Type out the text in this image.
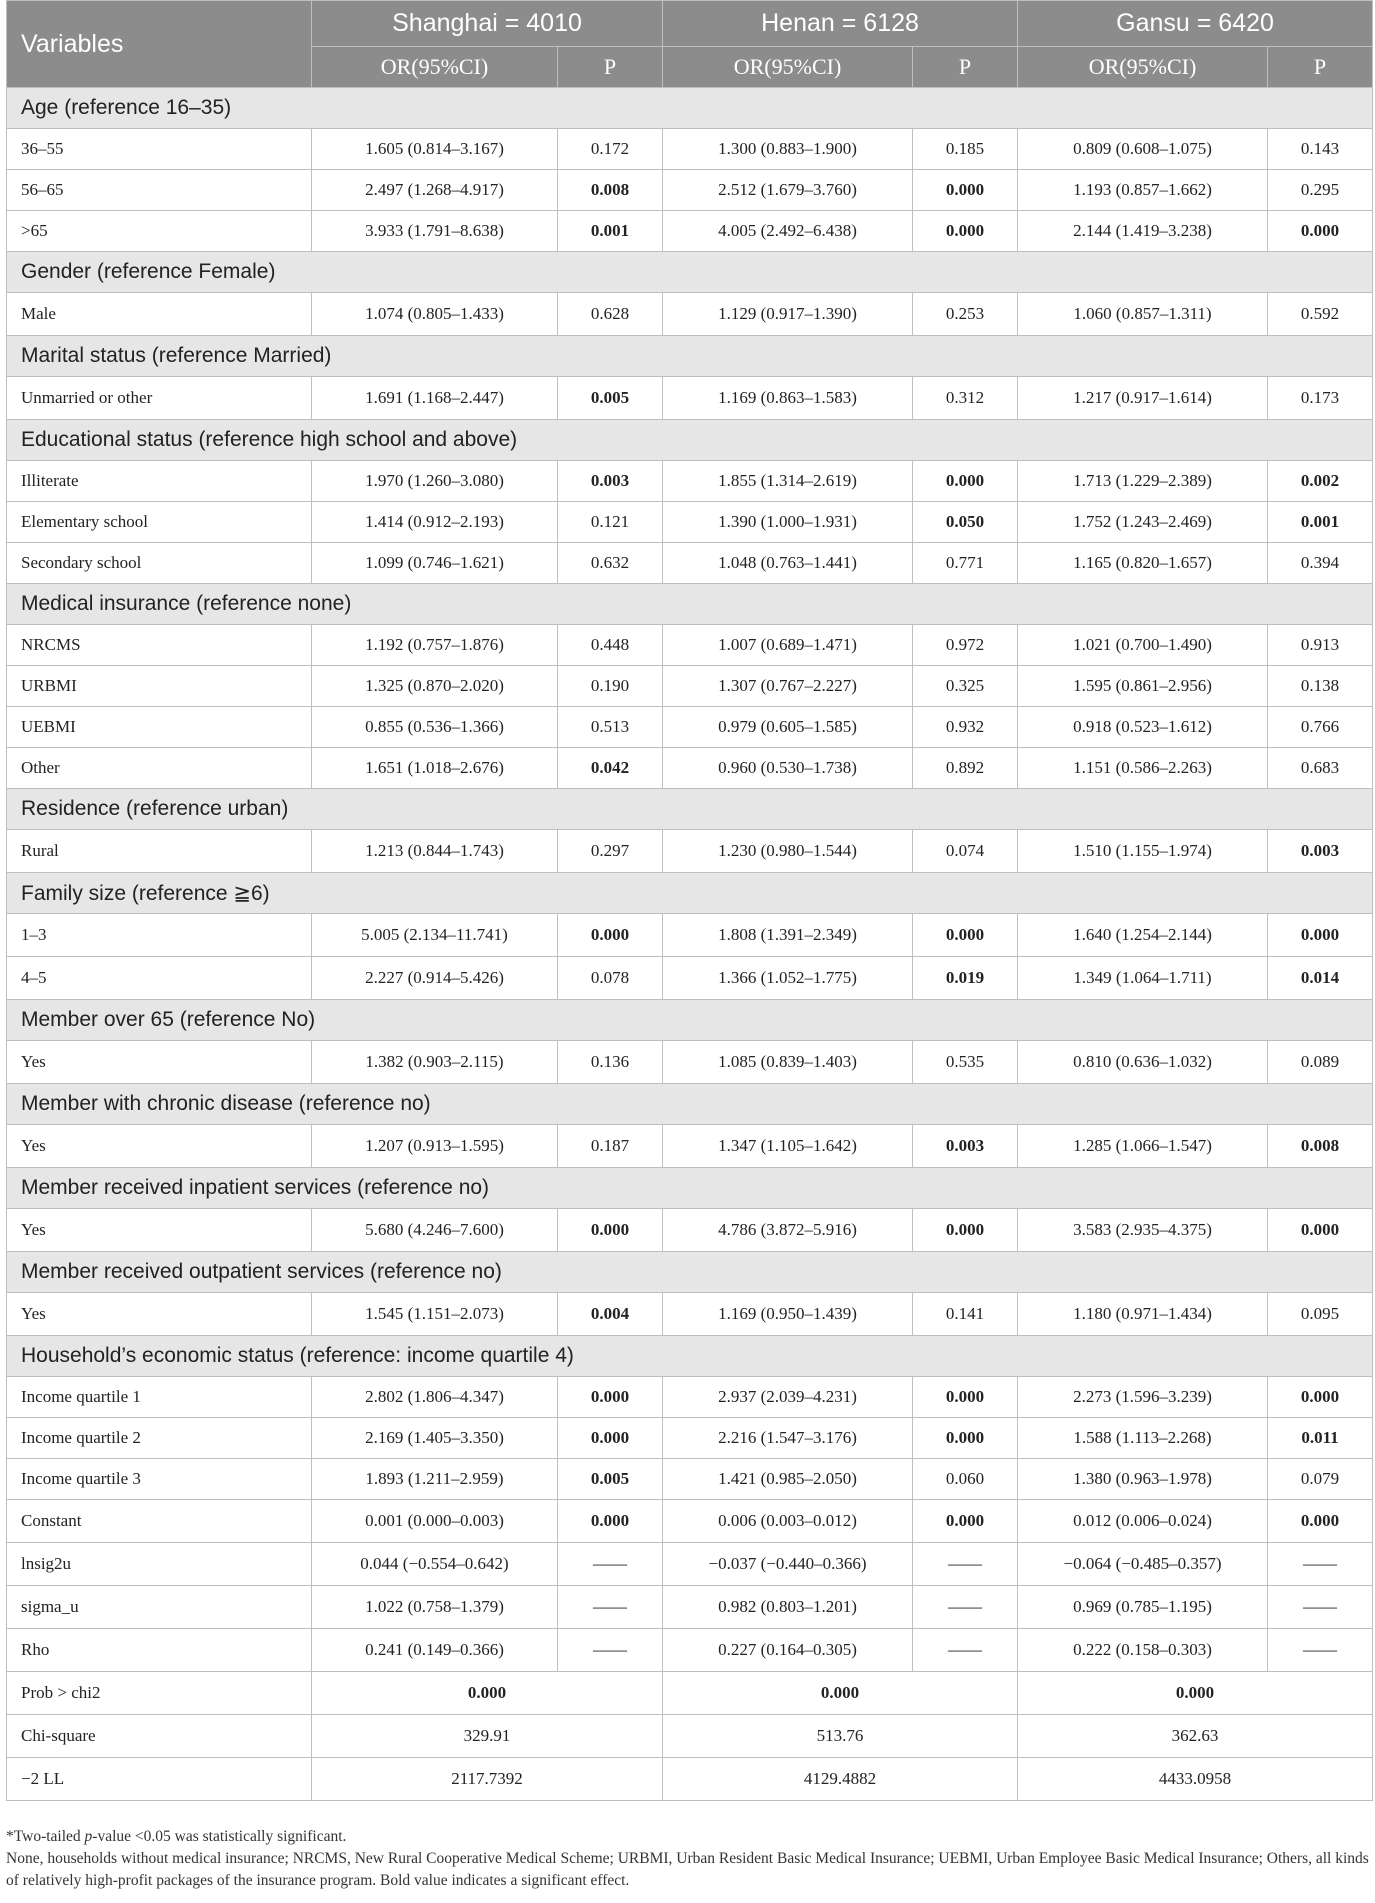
Variables	Shanghai = 4010		Henan = 6128		Gansu = 6420	
	OR(95%CI)	P	OR(95%CI)	P	OR(95%CI)	P
Age (reference 16–35)						
36–55	1.605 (0.814–3.167)	0.172	1.300 (0.883–1.900)	0.185	0.809 (0.608–1.075)	0.143
56–65	2.497 (1.268–4.917)	0.008	2.512 (1.679–3.760)	0.000	1.193 (0.857–1.662)	0.295
>65	3.933 (1.791–8.638)	0.001	4.005 (2.492–6.438)	0.000	2.144 (1.419–3.238)	0.000
Gender (reference Female)						
Male	1.074 (0.805–1.433)	0.628	1.129 (0.917–1.390)	0.253	1.060 (0.857–1.311)	0.592
Marital status (reference Married)						
Unmarried or other	1.691 (1.168–2.447)	0.005	1.169 (0.863–1.583)	0.312	1.217 (0.917–1.614)	0.173
Educational status (reference high school and above)						
Illiterate	1.970 (1.260–3.080)	0.003	1.855 (1.314–2.619)	0.000	1.713 (1.229–2.389)	0.002
Elementary school	1.414 (0.912–2.193)	0.121	1.390 (1.000–1.931)	0.050	1.752 (1.243–2.469)	0.001
Secondary school	1.099 (0.746–1.621)	0.632	1.048 (0.763–1.441)	0.771	1.165 (0.820–1.657)	0.394
Medical insurance (reference none)						
NRCMS	1.192 (0.757–1.876)	0.448	1.007 (0.689–1.471)	0.972	1.021 (0.700–1.490)	0.913
URBMI	1.325 (0.870–2.020)	0.190	1.307 (0.767–2.227)	0.325	1.595 (0.861–2.956)	0.138
UEBMI	0.855 (0.536–1.366)	0.513	0.979 (0.605–1.585)	0.932	0.918 (0.523–1.612)	0.766
Other	1.651 (1.018–2.676)	0.042	0.960 (0.530–1.738)	0.892	1.151 (0.586–2.263)	0.683
Residence (reference urban)						
Rural	1.213 (0.844–1.743)	0.297	1.230 (0.980–1.544)	0.074	1.510 (1.155–1.974)	0.003
Family size (reference ≧6)						
1–3	5.005 (2.134–11.741)	0.000	1.808 (1.391–2.349)	0.000	1.640 (1.254–2.144)	0.000
4–5	2.227 (0.914–5.426)	0.078	1.366 (1.052–1.775)	0.019	1.349 (1.064–1.711)	0.014
Member over 65 (reference No)						
Yes	1.382 (0.903–2.115)	0.136	1.085 (0.839–1.403)	0.535	0.810 (0.636–1.032)	0.089
Member with chronic disease (reference no)						
Yes	1.207 (0.913–1.595)	0.187	1.347 (1.105–1.642)	0.003	1.285 (1.066–1.547)	0.008
Member received inpatient services (reference no)						
Yes	5.680 (4.246–7.600)	0.000	4.786 (3.872–5.916)	0.000	3.583 (2.935–4.375)	0.000
Member received outpatient services (reference no)						
Yes	1.545 (1.151–2.073)	0.004	1.169 (0.950–1.439)	0.141	1.180 (0.971–1.434)	0.095
Household’s economic status (reference: income quartile 4)						
Income quartile 1	2.802 (1.806–4.347)	0.000	2.937 (2.039–4.231)	0.000	2.273 (1.596–3.239)	0.000
Income quartile 2	2.169 (1.405–3.350)	0.000	2.216 (1.547–3.176)	0.000	1.588 (1.113–2.268)	0.011
Income quartile 3	1.893 (1.211–2.959)	0.005	1.421 (0.985–2.050)	0.060	1.380 (0.963–1.978)	0.079
Constant	0.001 (0.000–0.003)	0.000	0.006 (0.003–0.012)	0.000	0.012 (0.006–0.024)	0.000
lnsig2u	0.044 (−0.554–0.642)	——	−0.037 (−0.440–0.366)	——	−0.064 (−0.485–0.357)	——
sigma_u	1.022 (0.758–1.379)	——	0.982 (0.803–1.201)	——	0.969 (0.785–1.195)	——
Rho	0.241 (0.149–0.366)	——	0.227 (0.164–0.305)	——	0.222 (0.158–0.303)	——
Prob > chi2	0.000		0.000		0.000	
Chi-square	329.91		513.76		362.63	
−2 LL	2117.7392		4129.4882		4433.0958	
*Two-tailed p-value <0.05 was statistically significant.
None, households without medical insurance; NRCMS, New Rural Cooperative Medical Scheme; URBMI, Urban Resident Basic Medical Insurance; UEBMI, Urban Employee Basic Medical Insurance; Others, all kinds of relatively high-profit packages of the insurance program. Bold value indicates a significant effect.
